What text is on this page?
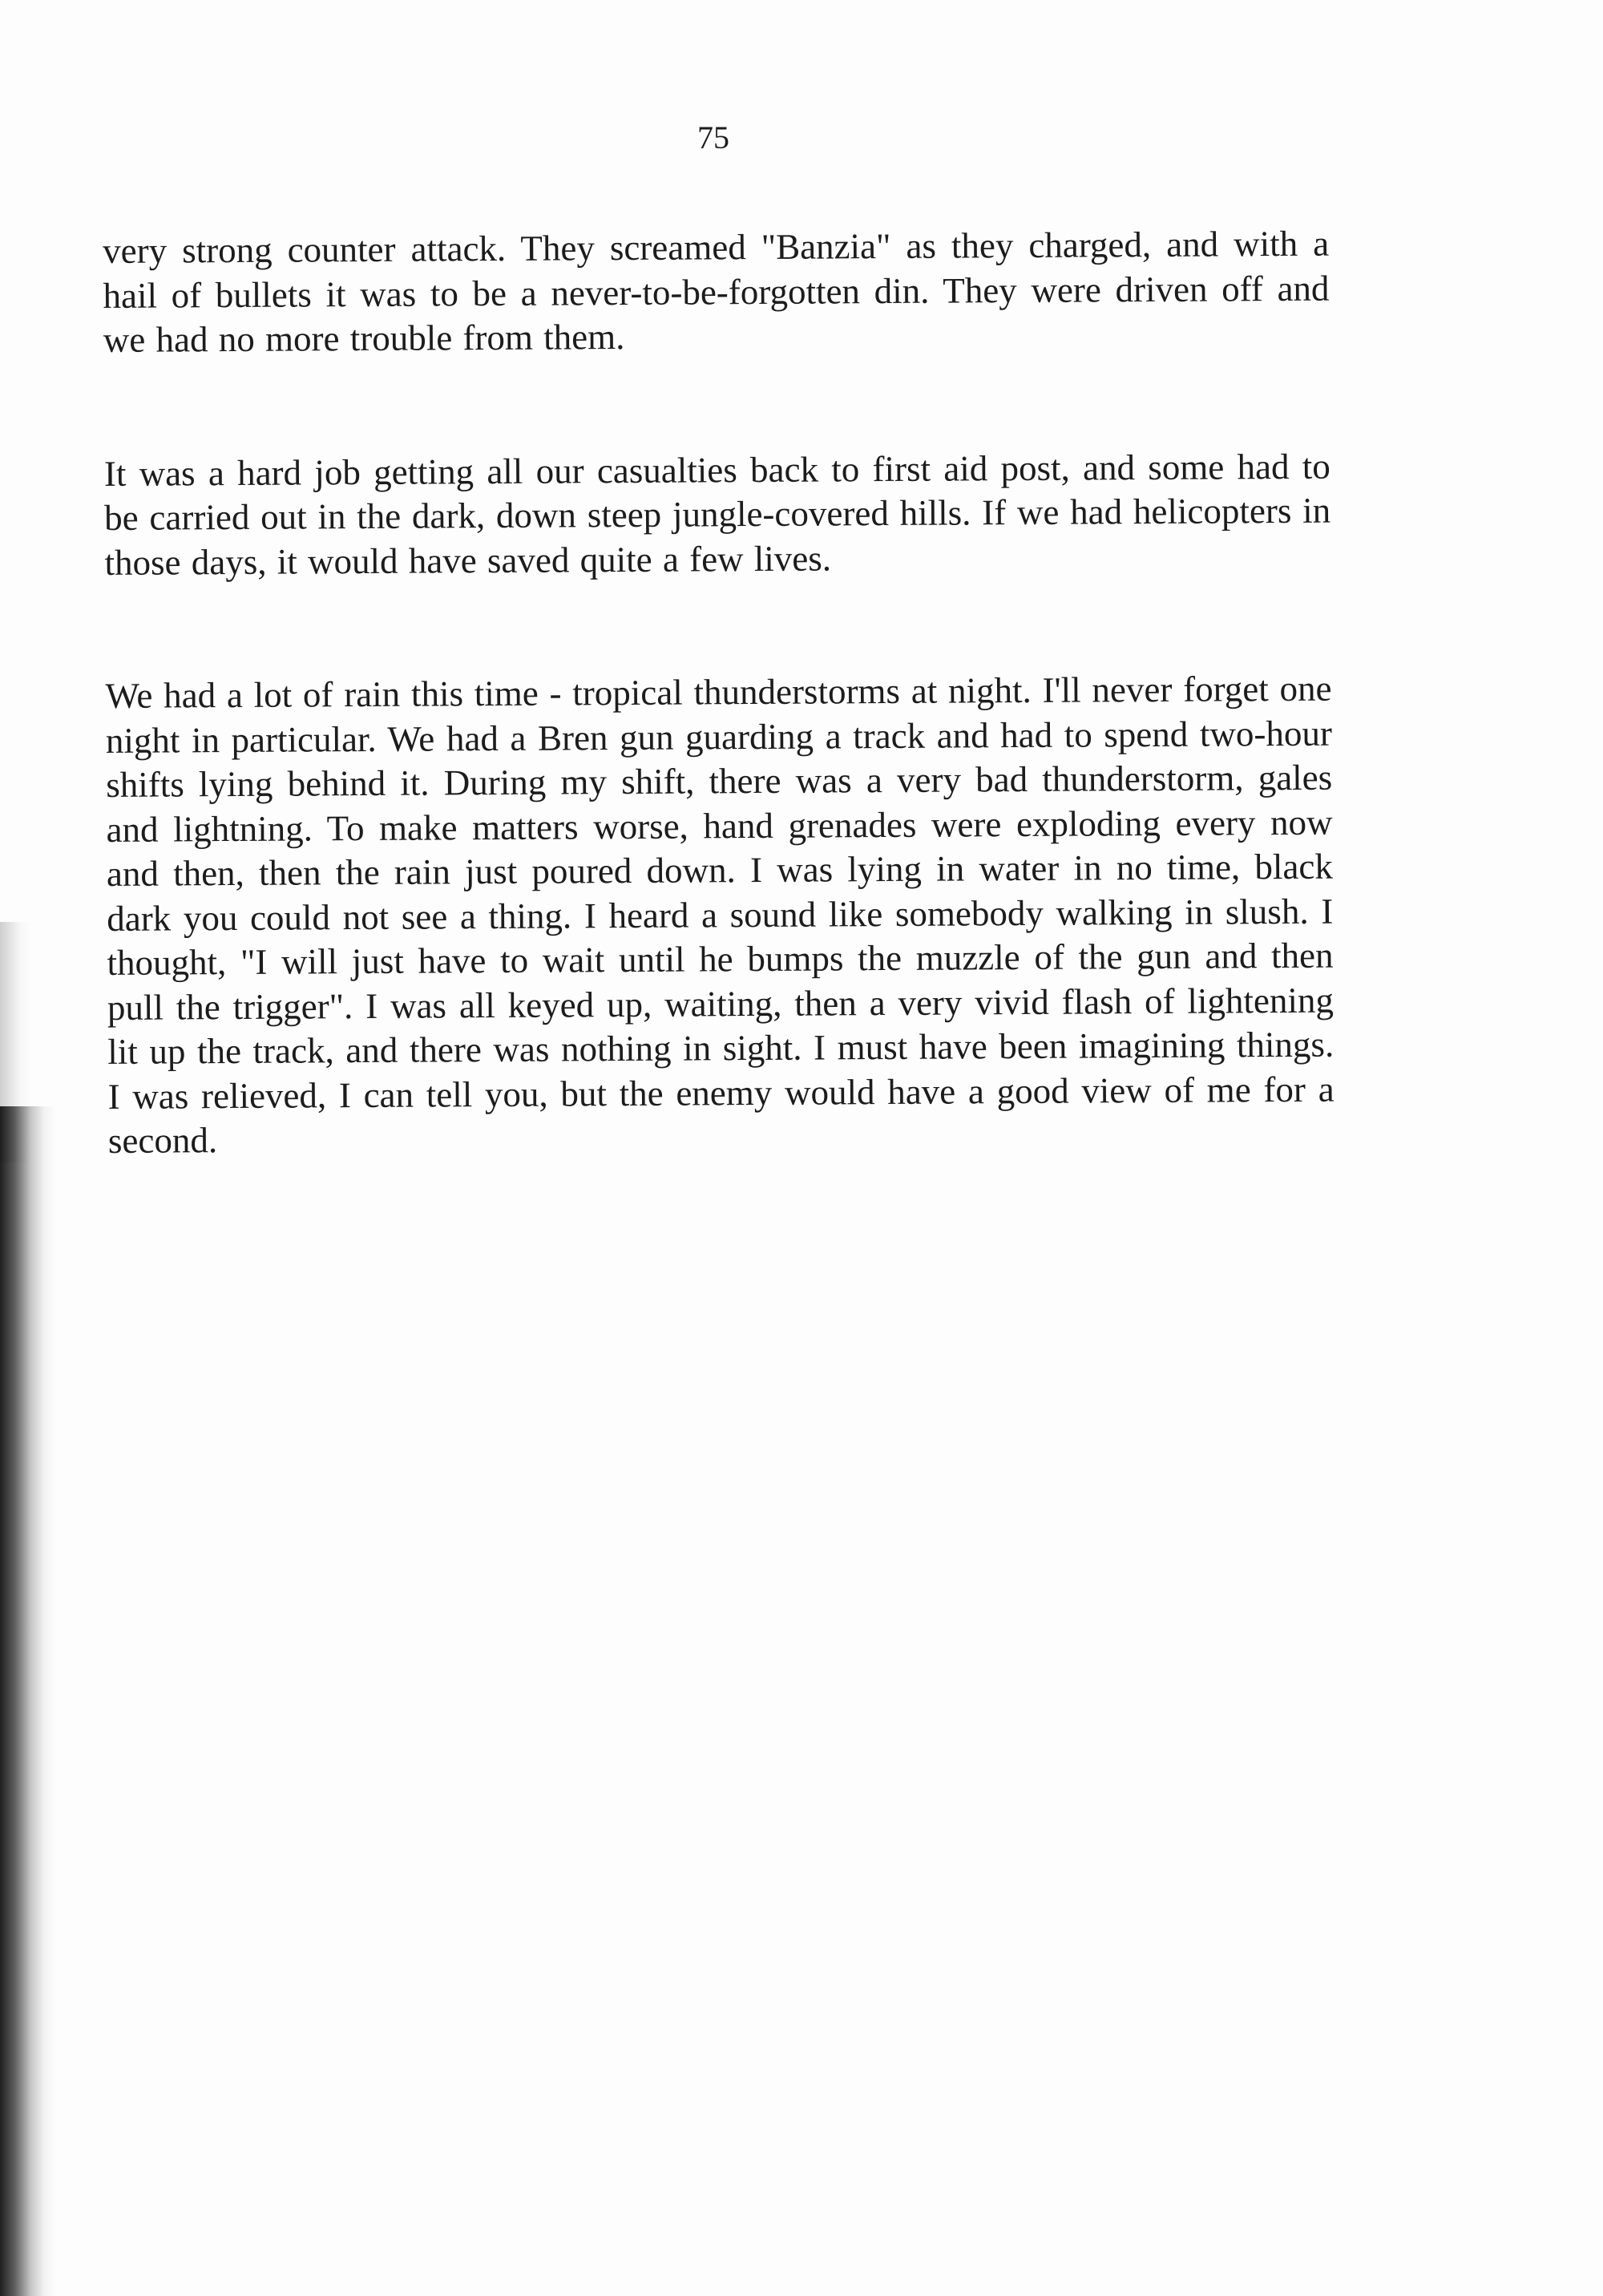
75

very strong counter attack. They screamed "Banzia" as they charged, and with a hail of bullets it was to be a never-to-be-forgotten din. They were driven off and we had no more trouble from them.

It was a hard job getting all our casualties back to first aid post, and some had to be carried out in the dark, down steep jungle-covered hills. If we had helicopters in those days, it would have saved quite a few lives.

We had a lot of rain this time - tropical thunderstorms at night. I'll never forget one night in particular. We had a Bren gun guarding a track and had to spend two-hour shifts lying behind it. During my shift, there was a very bad thunderstorm, gales and lightning. To make matters worse, hand grenades were exploding every now and then, then the rain just poured down. I was lying in water in no time, black dark you could not see a thing. I heard a sound like somebody walking in slush. I thought, "I will just have to wait until he bumps the muzzle of the gun and then pull the trigger". I was all keyed up, waiting, then a very vivid flash of lightening lit up the track, and there was nothing in sight. I must have been imagining things. I was relieved, I can tell you, but the enemy would have a good view of me for a second.
